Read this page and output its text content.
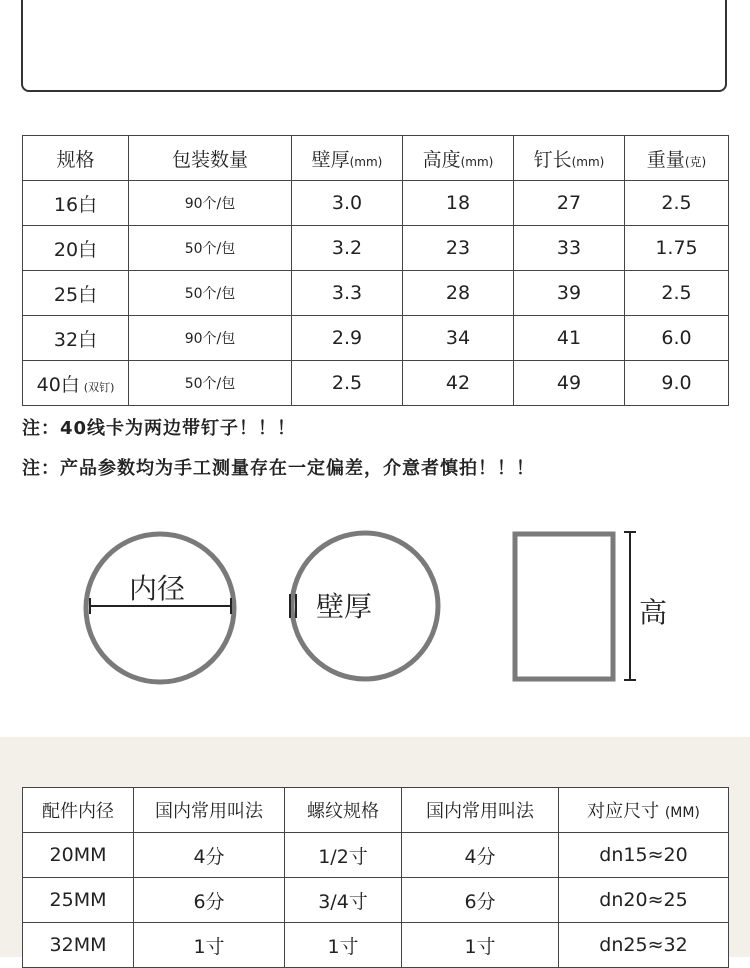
规格	包装数量	壁厚(mm)	高度(mm)	钉长(mm)	重量(克)
16白	90个/包	3.0	18	27	2.5
20白	50个/包	3.2	23	33	1.75
25白	50个/包	3.3	28	39	2.5
32白	90个/包	2.9	34	41	6.0
40白 (双钉)	50个/包	2.5	42	49	9.0
注：40线卡为两边带钉子！！！
注：产品参数均为手工测量存在一定偏差，介意者慎拍！！！
内径
壁厚	高
配件内径	国内常用叫法	螺纹规格	国内常用叫法	对应尺寸 (MM)
20MM	4分	1/2寸	4分	dn15≈20
25MM	6分	3/4寸	6分	dn20≈25
32MM	1寸	1寸	1寸	dn25≈32
